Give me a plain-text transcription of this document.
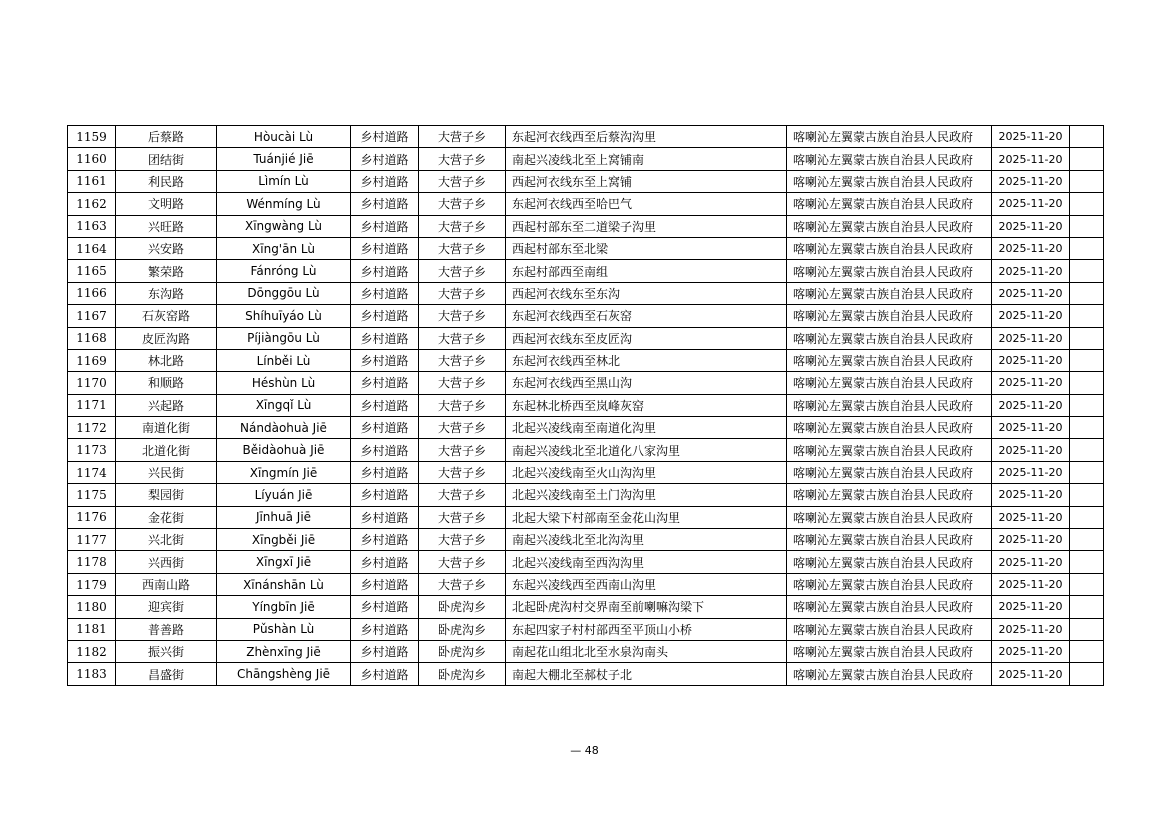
1159	后蔡路	Hòucài Lù	乡村道路	大营子乡	东起河衣线西至后蔡沟沟里	喀喇沁左翼蒙古族自治县人民政府	2025-11-20	
1160	团结街	Tuánjié Jiē	乡村道路	大营子乡	南起兴凌线北至上窝铺南	喀喇沁左翼蒙古族自治县人民政府	2025-11-20	
1161	利民路	Lìmín Lù	乡村道路	大营子乡	西起河衣线东至上窝铺	喀喇沁左翼蒙古族自治县人民政府	2025-11-20	
1162	文明路	Wénmíng Lù	乡村道路	大营子乡	东起河衣线西至哈巴气	喀喇沁左翼蒙古族自治县人民政府	2025-11-20	
1163	兴旺路	Xīngwàng Lù	乡村道路	大营子乡	西起村部东至二道梁子沟里	喀喇沁左翼蒙古族自治县人民政府	2025-11-20	
1164	兴安路	Xīng'ān Lù	乡村道路	大营子乡	西起村部东至北梁	喀喇沁左翼蒙古族自治县人民政府	2025-11-20	
1165	繁荣路	Fánróng Lù	乡村道路	大营子乡	东起村部西至南组	喀喇沁左翼蒙古族自治县人民政府	2025-11-20	
1166	东沟路	Dōnggōu Lù	乡村道路	大营子乡	西起河衣线东至东沟	喀喇沁左翼蒙古族自治县人民政府	2025-11-20	
1167	石灰窑路	Shíhuīyáo Lù	乡村道路	大营子乡	东起河衣线西至石灰窑	喀喇沁左翼蒙古族自治县人民政府	2025-11-20	
1168	皮匠沟路	Píjiàngōu Lù	乡村道路	大营子乡	西起河衣线东至皮匠沟	喀喇沁左翼蒙古族自治县人民政府	2025-11-20	
1169	林北路	Línběi Lù	乡村道路	大营子乡	东起河衣线西至林北	喀喇沁左翼蒙古族自治县人民政府	2025-11-20	
1170	和顺路	Héshùn Lù	乡村道路	大营子乡	东起河衣线西至黑山沟	喀喇沁左翼蒙古族自治县人民政府	2025-11-20	
1171	兴起路	Xīngqǐ Lù	乡村道路	大营子乡	东起林北桥西至岚峰灰窑	喀喇沁左翼蒙古族自治县人民政府	2025-11-20	
1172	南道化街	Nándàohuà Jiē	乡村道路	大营子乡	北起兴凌线南至南道化沟里	喀喇沁左翼蒙古族自治县人民政府	2025-11-20	
1173	北道化街	Běidàohuà Jiē	乡村道路	大营子乡	南起兴凌线北至北道化八家沟里	喀喇沁左翼蒙古族自治县人民政府	2025-11-20	
1174	兴民街	Xīngmín Jiē	乡村道路	大营子乡	北起兴凌线南至火山沟沟里	喀喇沁左翼蒙古族自治县人民政府	2025-11-20	
1175	梨园街	Líyuán Jiē	乡村道路	大营子乡	北起兴凌线南至土门沟沟里	喀喇沁左翼蒙古族自治县人民政府	2025-11-20	
1176	金花街	Jīnhuā Jiē	乡村道路	大营子乡	北起大梁下村部南至金花山沟里	喀喇沁左翼蒙古族自治县人民政府	2025-11-20	
1177	兴北街	Xīngběi Jiē	乡村道路	大营子乡	南起兴凌线北至北沟沟里	喀喇沁左翼蒙古族自治县人民政府	2025-11-20	
1178	兴西街	Xīngxī Jiē	乡村道路	大营子乡	北起兴凌线南至西沟沟里	喀喇沁左翼蒙古族自治县人民政府	2025-11-20	
1179	西南山路	Xīnánshān Lù	乡村道路	大营子乡	东起兴凌线西至西南山沟里	喀喇沁左翼蒙古族自治县人民政府	2025-11-20	
1180	迎宾街	Yíngbīn Jiē	乡村道路	卧虎沟乡	北起卧虎沟村交界南至前喇嘛沟梁下	喀喇沁左翼蒙古族自治县人民政府	2025-11-20	
1181	普善路	Pǔshàn Lù	乡村道路	卧虎沟乡	东起四家子村村部西至平顶山小桥	喀喇沁左翼蒙古族自治县人民政府	2025-11-20	
1182	振兴街	Zhènxīng Jiē	乡村道路	卧虎沟乡	南起花山组北北至水泉沟南头	喀喇沁左翼蒙古族自治县人民政府	2025-11-20	
1183	昌盛街	Chāngshèng Jiē	乡村道路	卧虎沟乡	南起大棚北至郝杖子北	喀喇沁左翼蒙古族自治县人民政府	2025-11-20	
— 48
